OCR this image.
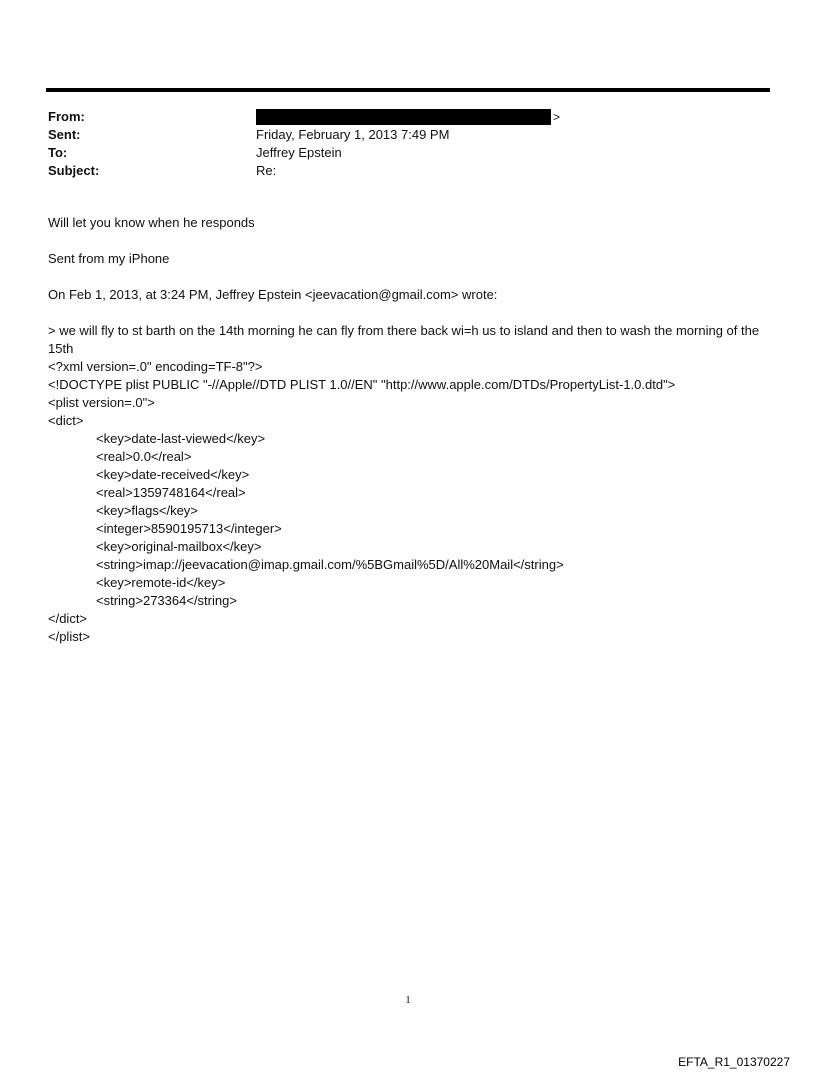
From:	>
Sent:	Friday, February 1, 2013 7:49 PM
To:	Jeffrey Epstein
Subject:	Re:

Will let you know when he responds

Sent from my iPhone

On Feb 1, 2013, at 3:24 PM, Jeffrey Epstein <jeevacation@gmail.com> wrote:

> we will fly to st barth on the 14th morning he can fly from there back wi=h us to island and then to wash the morning of the 15th
<?xml version=.0" encoding=TF-8"?>
<!DOCTYPE plist PUBLIC "-//Apple//DTD PLIST 1.0//EN" "http://www.apple.com/DTDs/PropertyList-1.0.dtd">
<plist version=.0">
<dict>
<key>date-last-viewed</key>
<real>0.0</real>
<key>date-received</key>
<real>1359748164</real>
<key>flags</key>
<integer>8590195713</integer>
<key>original-mailbox</key>
<string>imap://jeevacation@imap.gmail.com/%5BGmail%5D/All%20Mail</string>
<key>remote-id</key>
<string>273364</string>
</dict>
</plist>
1
EFTA_R1_01370227
